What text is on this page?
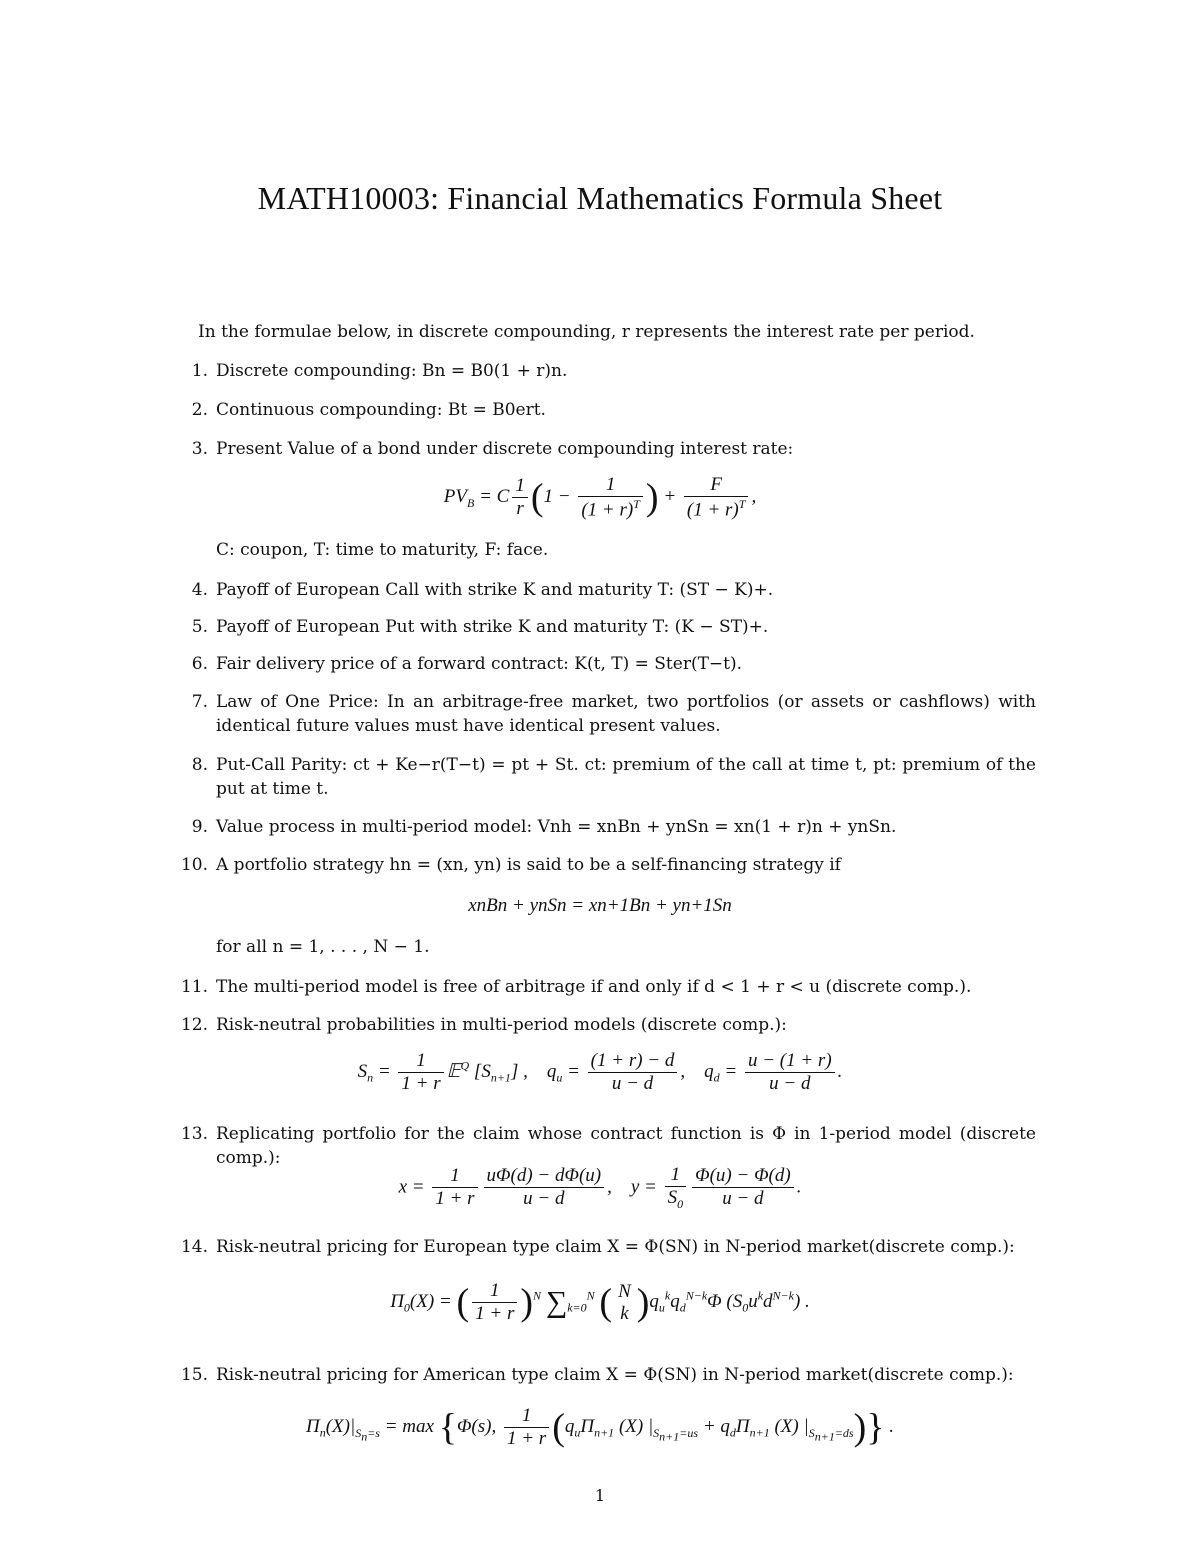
MATH10003: Financial Mathematics Formula Sheet
In the formulae below, in discrete compounding, r represents the interest rate per period.
1. Discrete compounding: Bn = B0(1 + r)n.
2. Continuous compounding: Bt = B0ert.
3. Present Value of a bond under discrete compounding interest rate:
$PV_B = C \frac{1}{r} (1 - \frac{1}{(1 + r)^T}$ ) + $\frac{F}{(1 + r)^T}$ ,
C: coupon, T: time to maturity, F: face.
4. Payoff of European Call with strike K and maturity T: (ST − K)+.
5. Payoff of European Put with strike K and maturity T: (K − ST)+.
6. Fair delivery price of a forward contract: K(t, T) = Ster(T−t).
7. Law of One Price: In an arbitrage-free market, two portfolios (or assets or cashflows) with identical future values must have identical present values.
8. Put-Call Parity: ct + Ke−r(T−t) = pt + St. ct: premium of the call at time t, pt: premium of the put at time t.
9. Value process in multi-period model: Vnh = xnBn + ynSn = xn(1 + r)n + ynSn.
10. A portfolio strategy hn = (xn, yn) is said to be a self-financing strategy if
xnBn + ynSn = xn+1Bn + yn+1Sn
for all n = 1, . . . , N − 1.
11. The multi-period model is free of arbitrage if and only if d < 1 + r < u (discrete comp.).
12. Risk-neutral probabilities in multi-period models (discrete comp.):
$S_n = \frac{1}{1 + r}$ 𝔼$^Q$ $[S_{n+1}]$ ,    $q_u = \frac{(1 + r) - d}{u - d}$ ,    $q_d = \frac{u - (1 + r)}{u - d}$ .
13. Replicating portfolio for the claim whose contract function is Φ in 1-period model (discrete comp.):
$x = \frac{1}{1 + r} \frac{u\Phi(d) - d\Phi(u)}{u - d}$ ,    $y = \frac{1}{S_0} \frac{\Phi(u) - \Phi(d)}{u - d}$ .
14. Risk-neutral pricing for European type claim X = Φ(SN) in N-period market(discrete comp.):
$\Pi_0(X)$ = ( $\frac{1}{1 + r} )^N$ $\sum_{k=0}^N$ ( N
k )$q_u^kq_d^{N-k}\Phi$ $(S_0u^kd^{N-k})$ .
15. Risk-neutral pricing for American type claim X = Φ(SN) in N-period market(discrete comp.):
$\Pi_n(X)|_{S_n=s} = \max \{\Phi(s)$, $\frac{1}{1 + r} (q_u\Pi_{n+1}$ (X) $|_{S_{n+1}=us} + q_d\Pi_{n+1}$ (X) $|_{S_{n+1}=ds}$)} .
1
